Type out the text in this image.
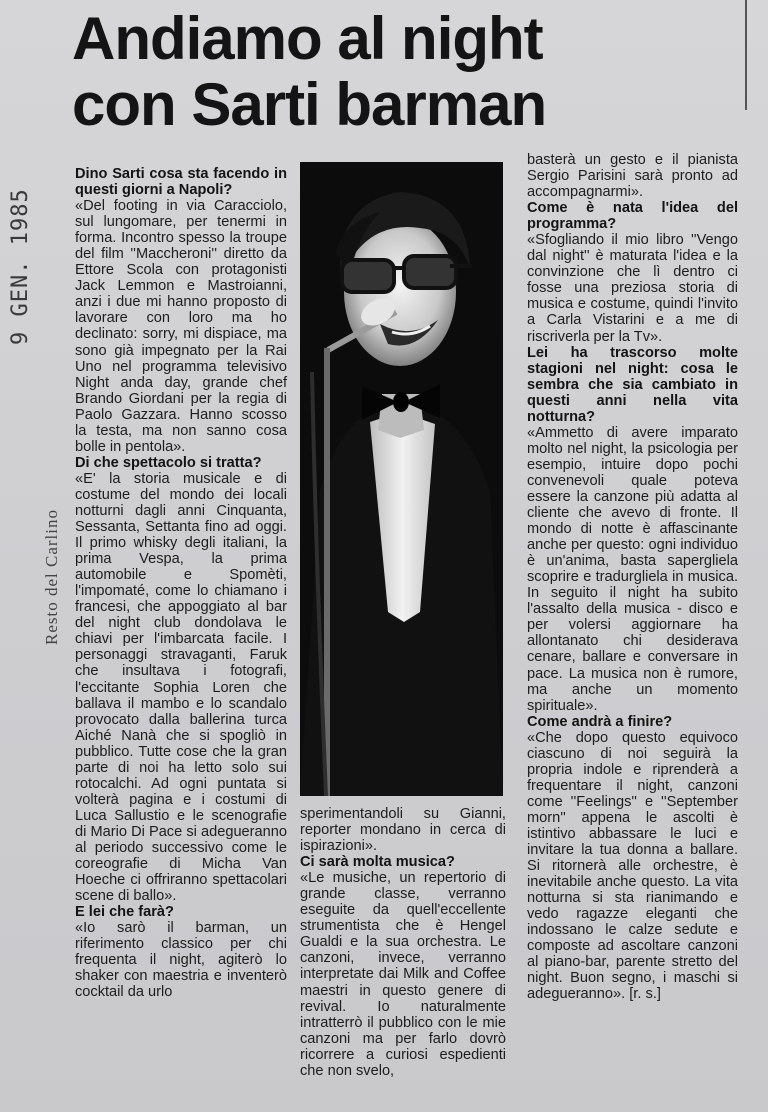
Andiamo al night
con Sarti barman
9 GEN. 1985
Resto del Carlino

Dino Sarti cosa sta facendo in questi giorni a Napoli?

«Del footing in via Caracciolo, sul lungomare, per tenermi in forma. Incontro spesso la troupe del film ''Maccheroni'' diretto da Ettore Scola con protagonisti Jack Lemmon e Mastroianni, anzi i due mi hanno proposto di lavorare con loro ma ho declinato: sorry, mi dispiace, ma sono già impegnato per la Rai Uno nel programma televisivo Night anda day, grande chef Brando Giordani per la regia di Paolo Gazzara. Hanno scosso la testa, ma non sanno cosa bolle in pentola».

Di che spettacolo si tratta?

«E' la storia musicale e di costume del mondo dei locali notturni dagli anni Cinquanta, Sessanta, Settanta fino ad oggi. Il primo whisky degli italiani, la prima Vespa, la prima automobile e Spomèti, l'impomaté, come lo chiamano i francesi, che appoggiato al bar del night club dondolava le chiavi per l'imbarcata facile. I personaggi stravaganti, Faruk che insultava i fotografi, l'eccitante Sophia Loren che ballava il mambo e lo scandalo provocato dalla ballerina turca Aiché Nanà che si spogliò in pubblico. Tutte cose che la gran parte di noi ha letto solo sui rotocalchi. Ad ogni puntata si volterà pagina e i costumi di Luca Sallustio e le scenografie di Mario Di Pace si adegueranno al periodo successivo come le coreografie di Micha Van Hoeche ci offriranno spettacolari scene di ballo».

E lei che farà?

«Io sarò il barman, un riferimento classico per chi frequenta il night, agiterò lo shaker con maestria e inventerò cocktail da urlo

sperimentandoli su Gianni, reporter mondano in cerca di ispirazioni».

Ci sarà molta musica?

«Le musiche, un repertorio di grande classe, verranno eseguite da quell'eccellente strumentista che è Hengel Gualdi e la sua orchestra. Le canzoni, invece, verranno interpretate dai Milk and Coffee maestri in questo genere di revival. Io naturalmente intratterrò il pubblico con le mie canzoni ma per farlo dovrò ricorrere a curiosi espedienti che non svelo,

basterà un gesto e il pianista Sergio Parisini sarà pronto ad accompagnarmi».

Come è nata l'idea del programma?

«Sfogliando il mio libro ''Vengo dal night'' è maturata l'idea e la convinzione che lì dentro ci fosse una preziosa storia di musica e costume, quindi l'invito a Carla Vistarini e a me di riscriverla per la Tv».

Lei ha trascorso molte stagioni nel night: cosa le sembra che sia cambiato in questi anni nella vita notturna?

«Ammetto di avere imparato molto nel night, la psicologia per esempio, intuire dopo pochi convenevoli quale poteva essere la canzone più adatta al cliente che avevo di fronte. Il mondo di notte è affascinante anche per questo: ogni individuo è un'anima, basta sapergliela scoprire e tradurgliela in musica. In seguito il night ha subito l'assalto della musica - disco e per volersi aggiornare ha allontanato chi desiderava cenare, ballare e conversare in pace. La musica non è rumore, ma anche un momento spirituale».

Come andrà a finire?

«Che dopo questo equivoco ciascuno di noi seguirà la propria indole e riprenderà a frequentare il night, canzoni come ''Feelings'' e ''September morn'' appena le ascolti è istintivo abbassare le luci e invitare la tua donna a ballare. Si ritornerà alle orchestre, è inevitabile anche questo. La vita notturna si sta rianimando e vedo ragazze eleganti che indossano le calze sedute e composte ad ascoltare canzoni al piano-bar, parente stretto del night. Buon segno, i maschi si adegueranno». [r. s.]
